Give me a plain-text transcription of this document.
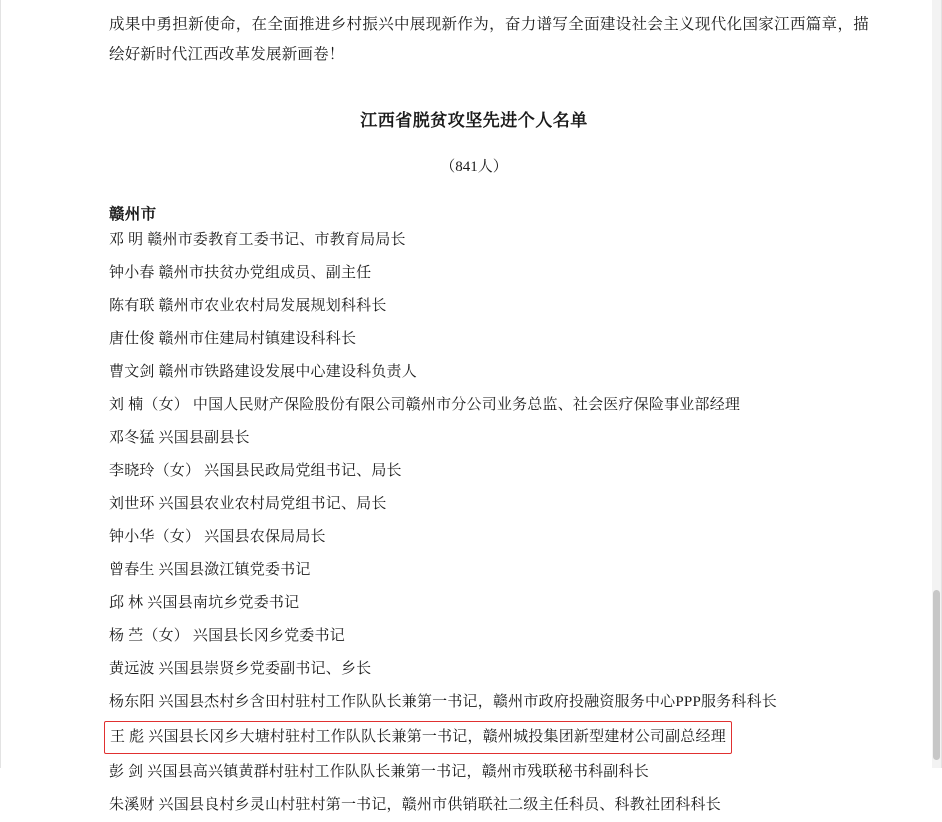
成果中勇担新使命，在全面推进乡村振兴中展现新作为，奋力谱写全面建设社会主义现代化国家江西篇章，描绘好新时代江西改革发展新画卷！

江西省脱贫攻坚先进个人名单
（841人）
赣州市

邓 明 赣州市委教育工委书记、市教育局局长

钟小春 赣州市扶贫办党组成员、副主任

陈有联 赣州市农业农村局发展规划科科长

唐仕俊 赣州市住建局村镇建设科科长

曹文剑 赣州市铁路建设发展中心建设科负责人

刘 楠（女） 中国人民财产保险股份有限公司赣州市分公司业务总监、社会医疗保险事业部经理

邓冬猛 兴国县副县长

李晓玲（女） 兴国县民政局党组书记、局长

刘世环 兴国县农业农村局党组书记、局长

钟小华（女） 兴国县农保局局长

曾春生 兴国县潋江镇党委书记

邱 林 兴国县南坑乡党委书记

杨 苎（女） 兴国县长冈乡党委书记

黄远波 兴国县崇贤乡党委副书记、乡长

杨东阳 兴国县杰村乡含田村驻村工作队队长兼第一书记，赣州市政府投融资服务中心PPP服务科科长

王 彪 兴国县长冈乡大塘村驻村工作队队长兼第一书记，赣州城投集团新型建材公司副总经理

彭 剑 兴国县高兴镇黄群村驻村工作队队长兼第一书记，赣州市残联秘书科副科长

朱溪财 兴国县良村乡灵山村驻村第一书记，赣州市供销联社二级主任科员、科教社团科科长
